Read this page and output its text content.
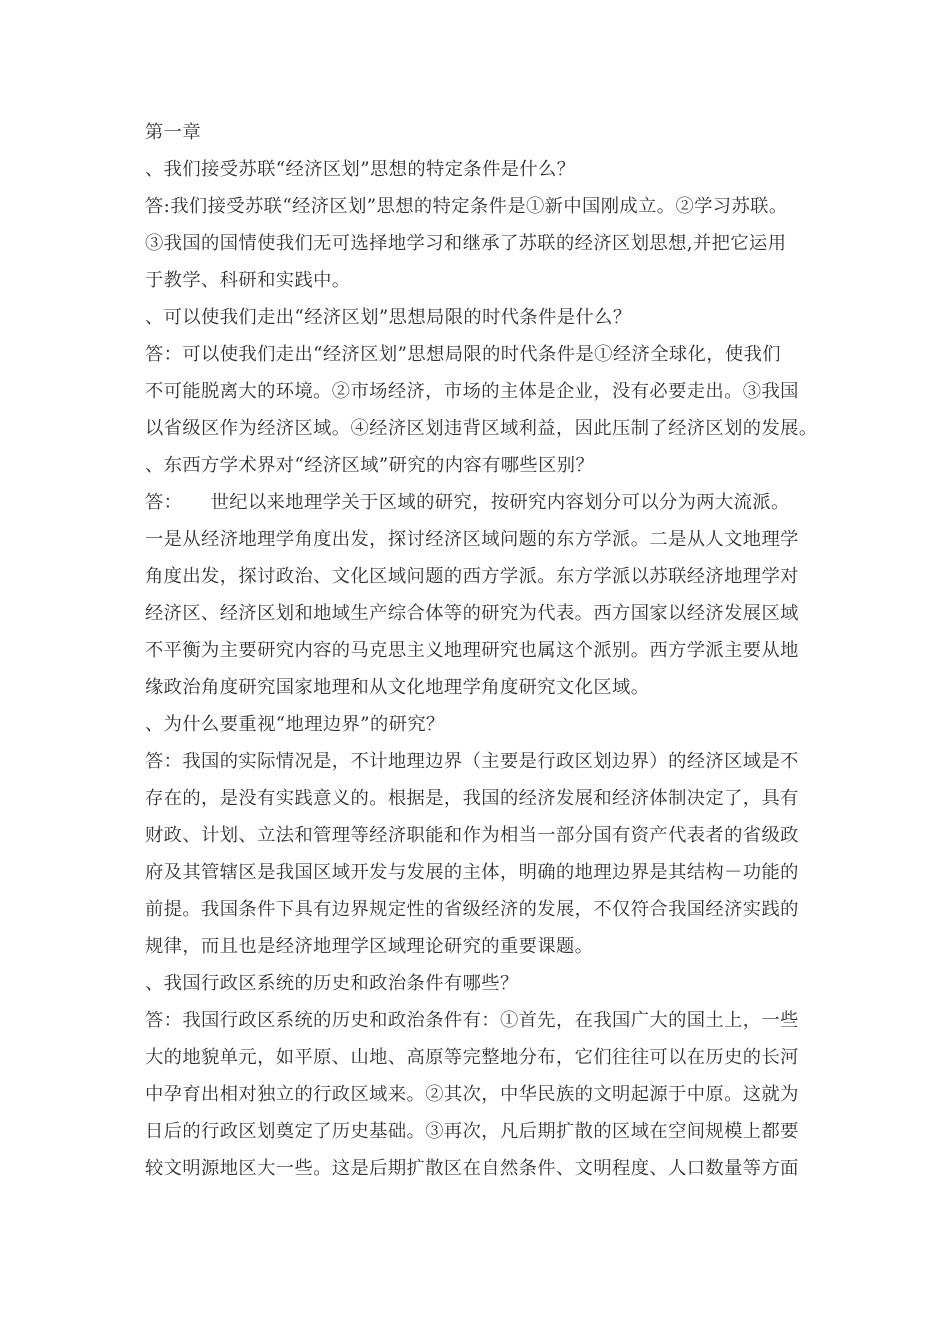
第一章
、我们接受苏联“经济区划”思想的特定条件是什么？
答:我们接受苏联“经济区划”思想的特定条件是①新中国刚成立。②学习苏联。
③我国的国情使我们无可选择地学习和继承了苏联的经济区划思想,并把它运用
于教学、科研和实践中。
、可以使我们走出“经济区划”思想局限的时代条件是什么？
答：可以使我们走出“经济区划”思想局限的时代条件是①经济全球化，使我们
不可能脱离大的环境。②市场经济，市场的主体是企业，没有必要走出。③我国
以省级区作为经济区域。④经济区划违背区域利益，因此压制了经济区划的发展。
、东西方学术界对“经济区域”研究的内容有哪些区别？
答：　　世纪以来地理学关于区域的研究，按研究内容划分可以分为两大流派。
一是从经济地理学角度出发，探讨经济区域问题的东方学派。二是从人文地理学
角度出发，探讨政治、文化区域问题的西方学派。东方学派以苏联经济地理学对
经济区、经济区划和地域生产综合体等的研究为代表。西方国家以经济发展区域
不平衡为主要研究内容的马克思主义地理研究也属这个派别。西方学派主要从地
缘政治角度研究国家地理和从文化地理学角度研究文化区域。
、为什么要重视“地理边界”的研究？
答：我国的实际情况是，不计地理边界（主要是行政区划边界）的经济区域是不
存在的，是没有实践意义的。根据是，我国的经济发展和经济体制决定了，具有
财政、计划、立法和管理等经济职能和作为相当一部分国有资产代表者的省级政
府及其管辖区是我国区域开发与发展的主体，明确的地理边界是其结构－功能的
前提。我国条件下具有边界规定性的省级经济的发展，不仅符合我国经济实践的
规律，而且也是经济地理学区域理论研究的重要课题。
、我国行政区系统的历史和政治条件有哪些？
答：我国行政区系统的历史和政治条件有：①首先，在我国广大的国土上，一些
大的地貌单元，如平原、山地、高原等完整地分布，它们往往可以在历史的长河
中孕育出相对独立的行政区域来。②其次，中华民族的文明起源于中原。这就为
日后的行政区划奠定了历史基础。③再次，凡后期扩散的区域在空间规模上都要
较文明源地区大一些。这是后期扩散区在自然条件、文明程度、人口数量等方面
